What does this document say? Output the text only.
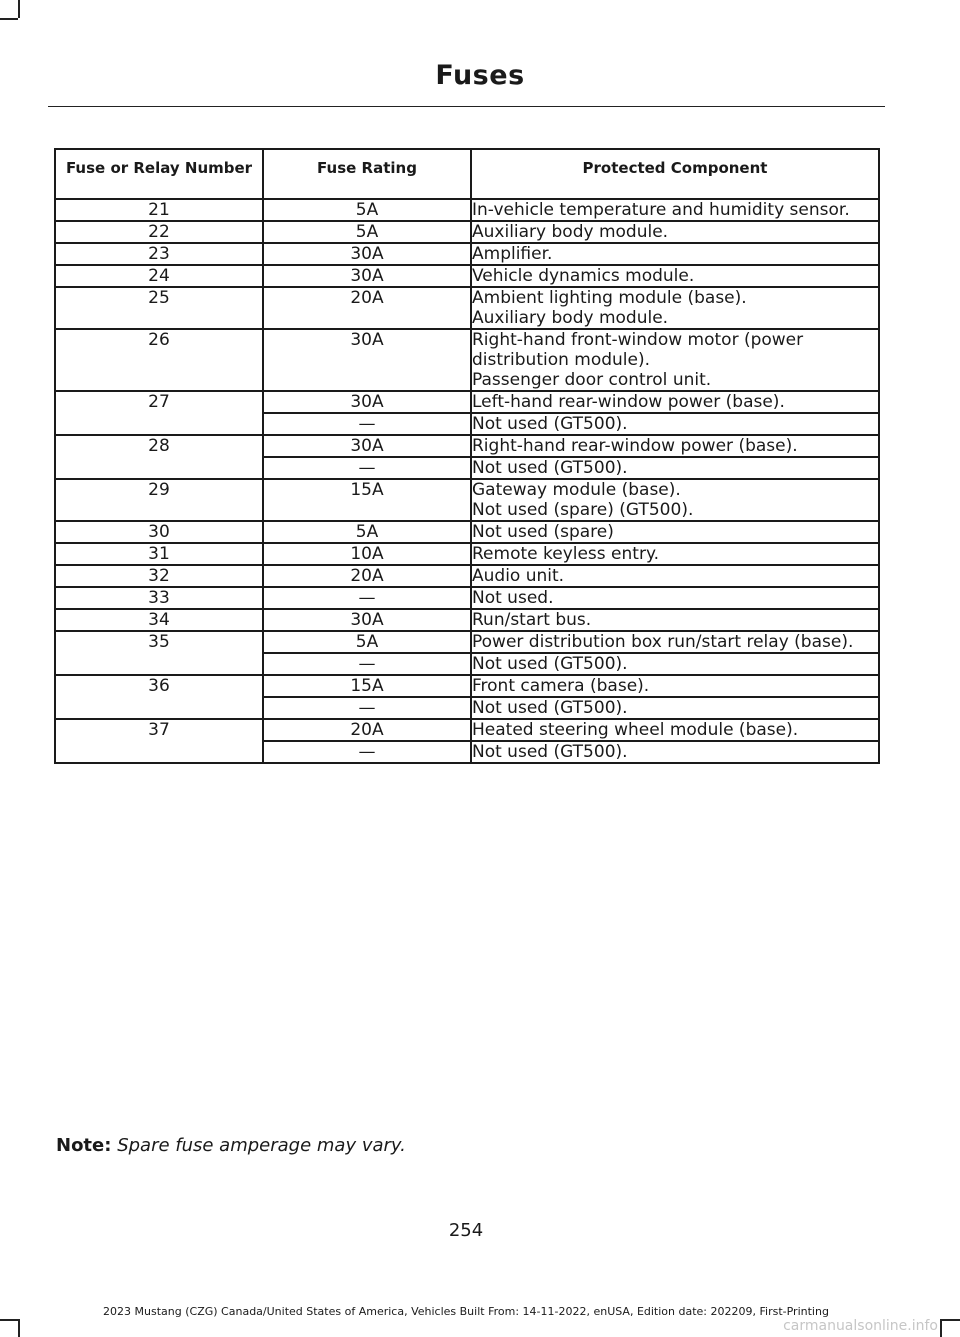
Fuses
Fuse or Relay Number	Fuse Rating	Protected Component
21	5A	In-vehicle temperature and humidity sensor.

22	5A	Auxiliary body module.

23	30A	Amplifier.

24	30A	Vehicle dynamics module.

25	20A	Ambient lighting module (base).
Auxiliary body module.

26	30A	Right-hand front-window motor (power distribution module).
Passenger door control unit.

27	30A	Left-hand rear-window power (base).

	—	Not used (GT500).

28	30A	Right-hand rear-window power (base).

	—	Not used (GT500).

29	15A	Gateway module (base).
Not used (spare) (GT500).

30	5A	Not used (spare)

31	10A	Remote keyless entry.

32	20A	Audio unit.

33	—	Not used.

34	30A	Run/start bus.

35	5A	Power distribution box run/start relay (base).

	—	Not used (GT500).

36	15A	Front camera (base).

	—	Not used (GT500).

37	20A	Heated steering wheel module (base).

	—	Not used (GT500).
Note: Spare fuse amperage may vary.
254
2023 Mustang (CZG) Canada/United States of America, Vehicles Built From: 14-11-2022, enUSA, Edition date: 202209, First-Printing
carmanualsonline.info
